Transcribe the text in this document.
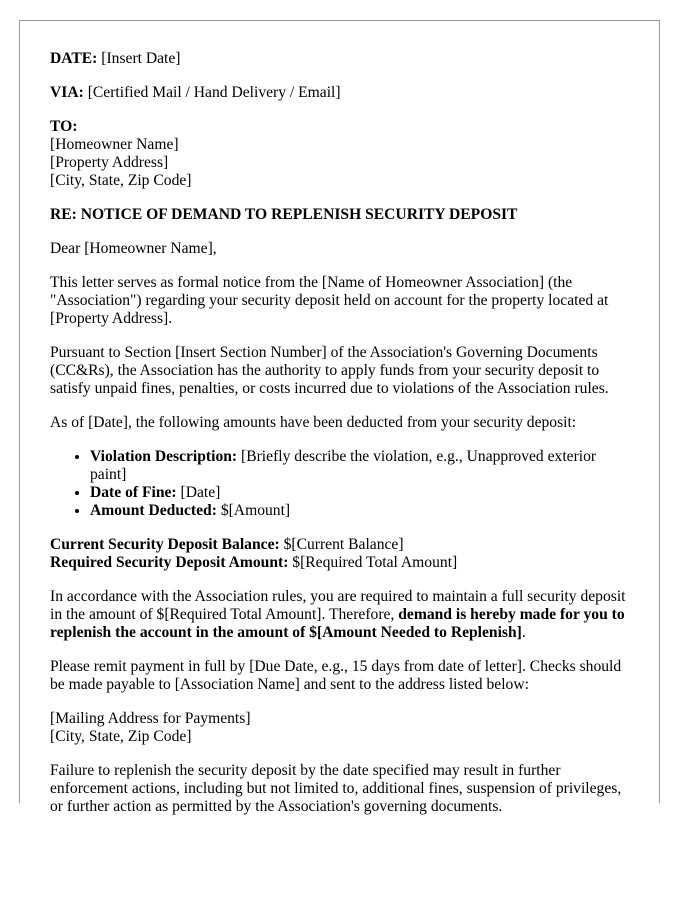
DATE: [Insert Date]

VIA: [Certified Mail / Hand Delivery / Email]

TO:
[Homeowner Name]
[Property Address]
[City, State, Zip Code]

RE: NOTICE OF DEMAND TO REPLENISH SECURITY DEPOSIT

Dear [Homeowner Name],

This letter serves as formal notice from the [Name of Homeowner Association] (the "Association") regarding your security deposit held on account for the property located at [Property Address].

Pursuant to Section [Insert Section Number] of the Association's Governing Documents (CC&Rs), the Association has the authority to apply funds from your security deposit to satisfy unpaid fines, penalties, or costs incurred due to violations of the Association rules.

As of [Date], the following amounts have been deducted from your security deposit:

• Violation Description: [Briefly describe the violation, e.g., Unapproved exterior paint]
• Date of Fine: [Date]
• Amount Deducted: $[Amount]

Current Security Deposit Balance: $[Current Balance]
Required Security Deposit Amount: $[Required Total Amount]

In accordance with the Association rules, you are required to maintain a full security deposit in the amount of $[Required Total Amount]. Therefore, demand is hereby made for you to replenish the account in the amount of $[Amount Needed to Replenish].

Please remit payment in full by [Due Date, e.g., 15 days from date of letter]. Checks should be made payable to [Association Name] and sent to the address listed below:

[Mailing Address for Payments]
[City, State, Zip Code]

Failure to replenish the security deposit by the date specified may result in further enforcement actions, including but not limited to, additional fines, suspension of privileges, or further action as permitted by the Association's governing documents.
